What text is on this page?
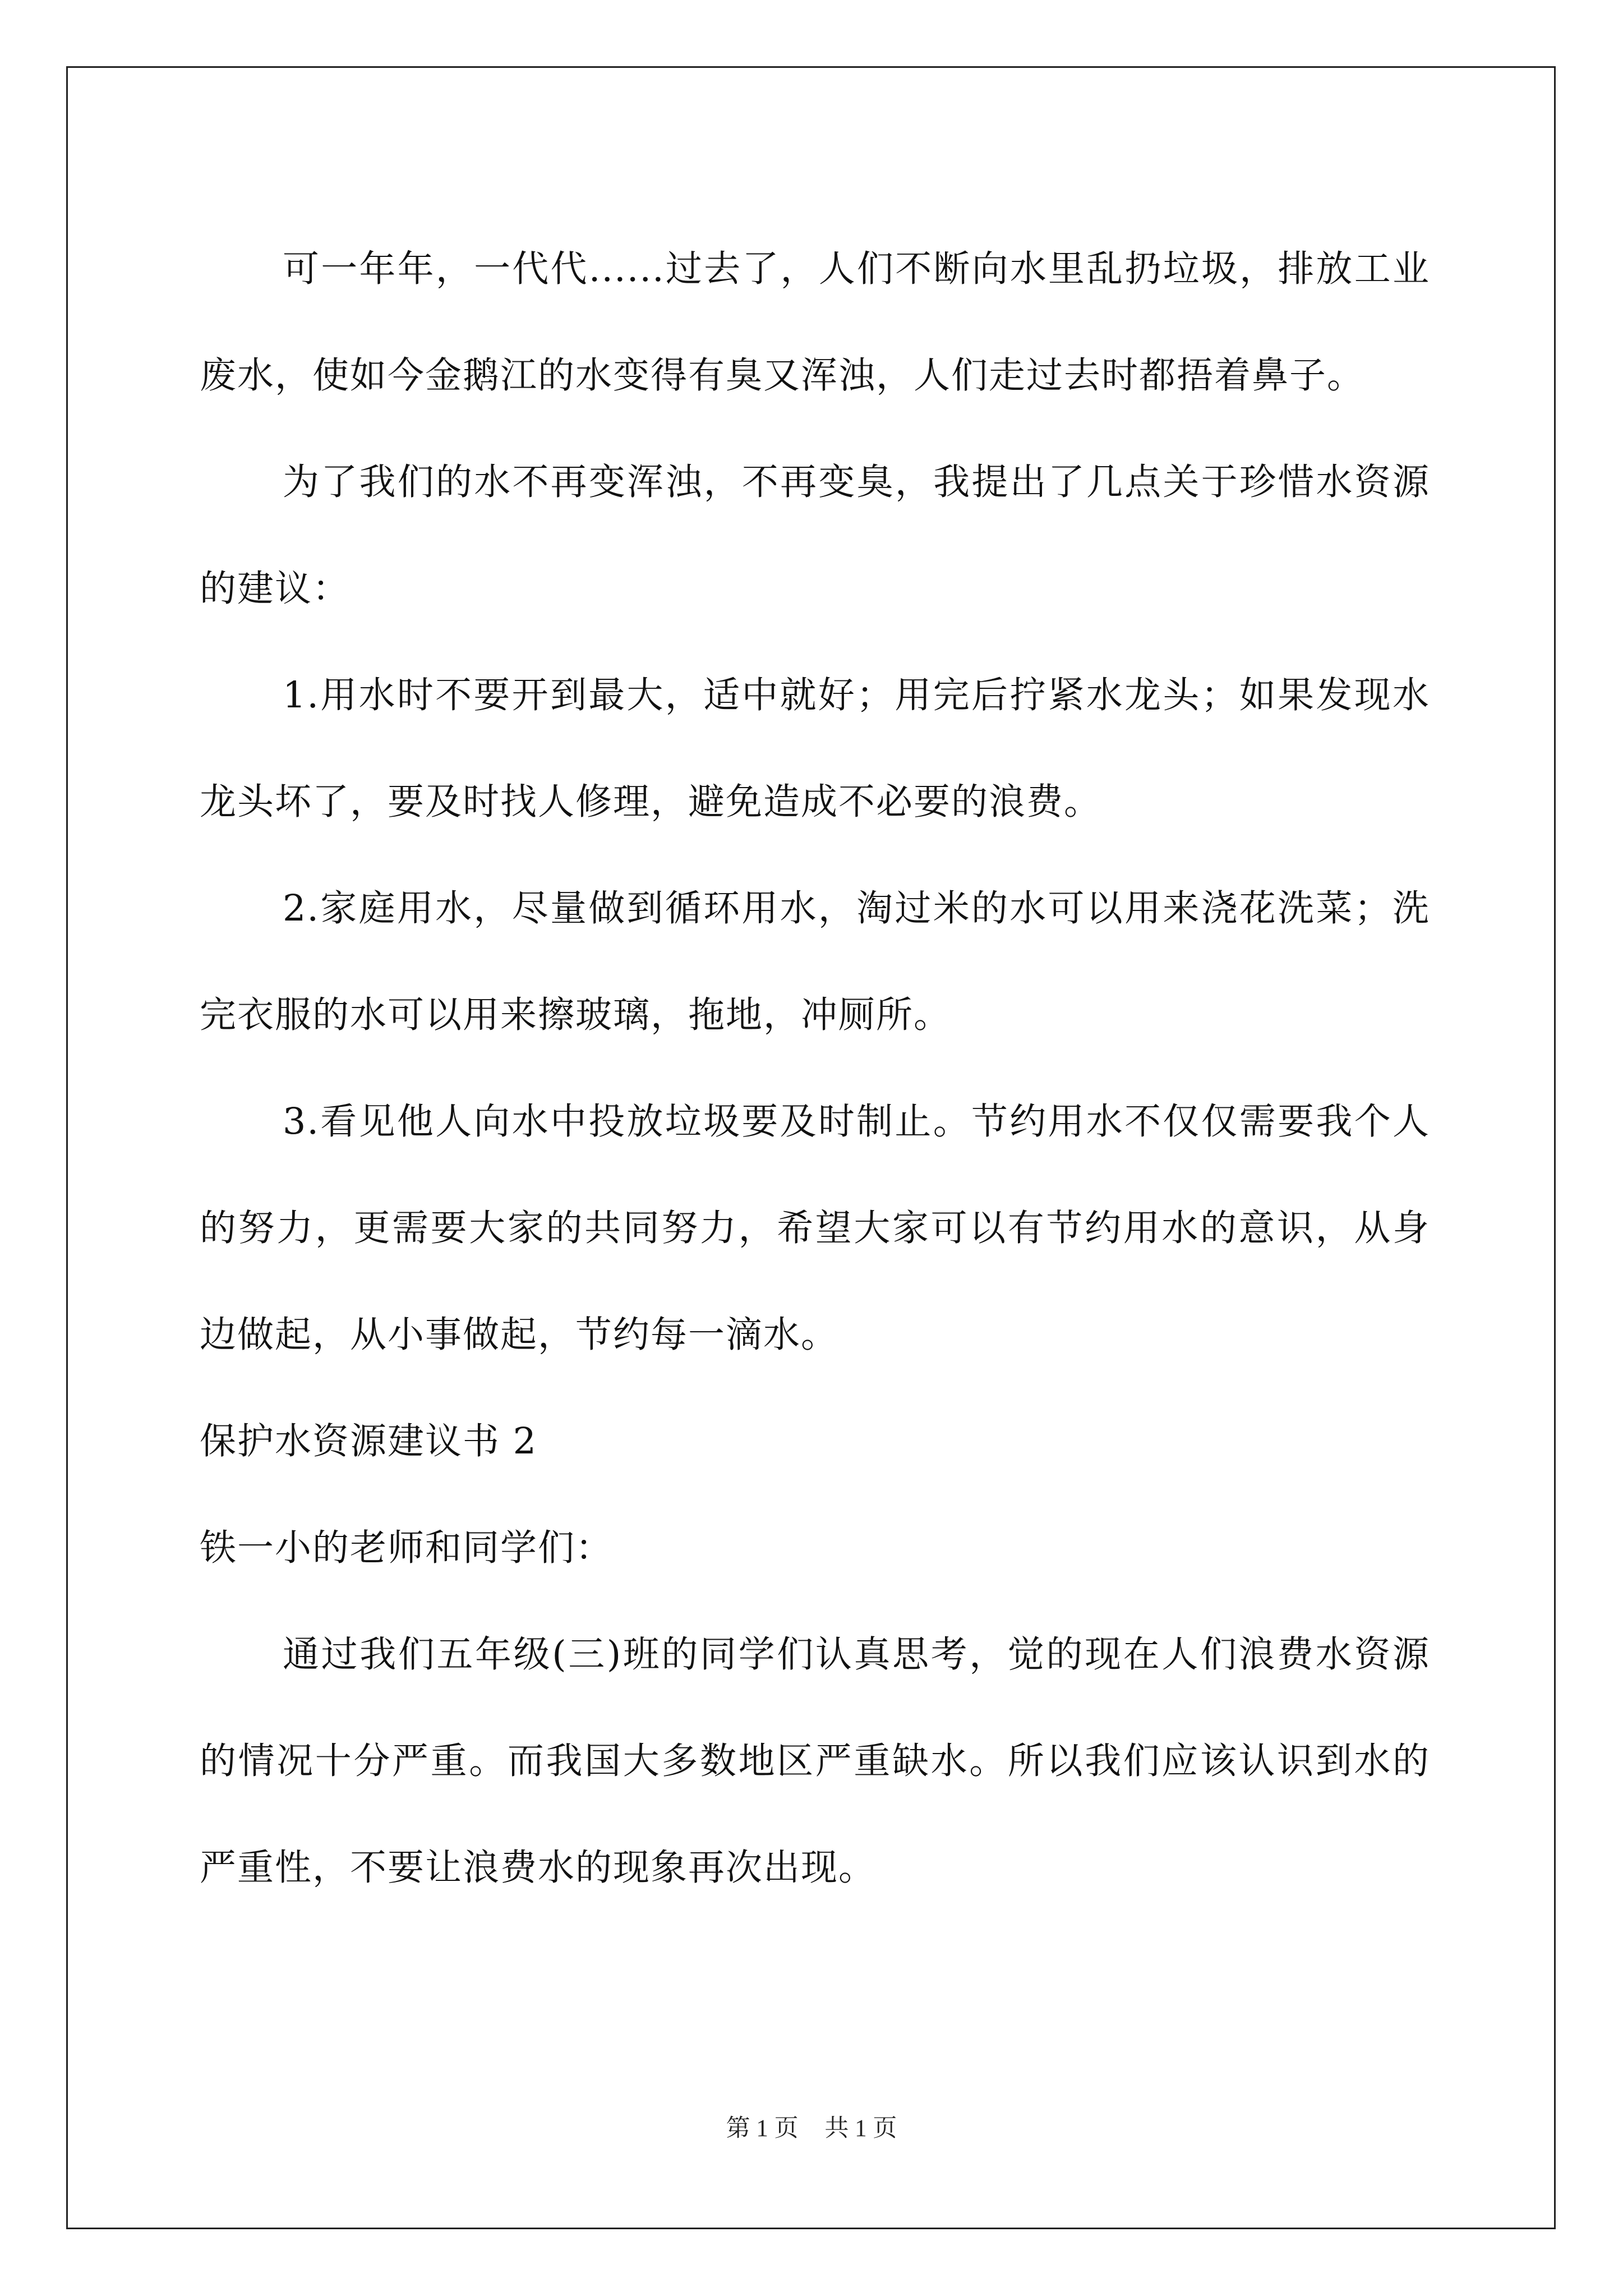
可一年年，一代代......过去了，人们不断向水里乱扔垃圾，排放工业废水，使如今金鹅江的水变得有臭又浑浊，人们走过去时都捂着鼻子。

为了我们的水不再变浑浊，不再变臭，我提出了几点关于珍惜水资源的建议：

1.用水时不要开到最大，适中就好；用完后拧紧水龙头；如果发现水龙头坏了，要及时找人修理，避免造成不必要的浪费。

2.家庭用水，尽量做到循环用水，淘过米的水可以用来浇花洗菜；洗完衣服的水可以用来擦玻璃，拖地，冲厕所。

3.看见他人向水中投放垃圾要及时制止。节约用水不仅仅需要我个人的努力，更需要大家的共同努力，希望大家可以有节约用水的意识，从身边做起，从小事做起，节约每一滴水。

保护水资源建议书 2

铁一小的老师和同学们：

通过我们五年级(三)班的同学们认真思考，觉的现在人们浪费水资源的情况十分严重。而我国大多数地区严重缺水。所以我们应该认识到水的严重性，不要让浪费水的现象再次出现。

第 1 页 共 1 页
